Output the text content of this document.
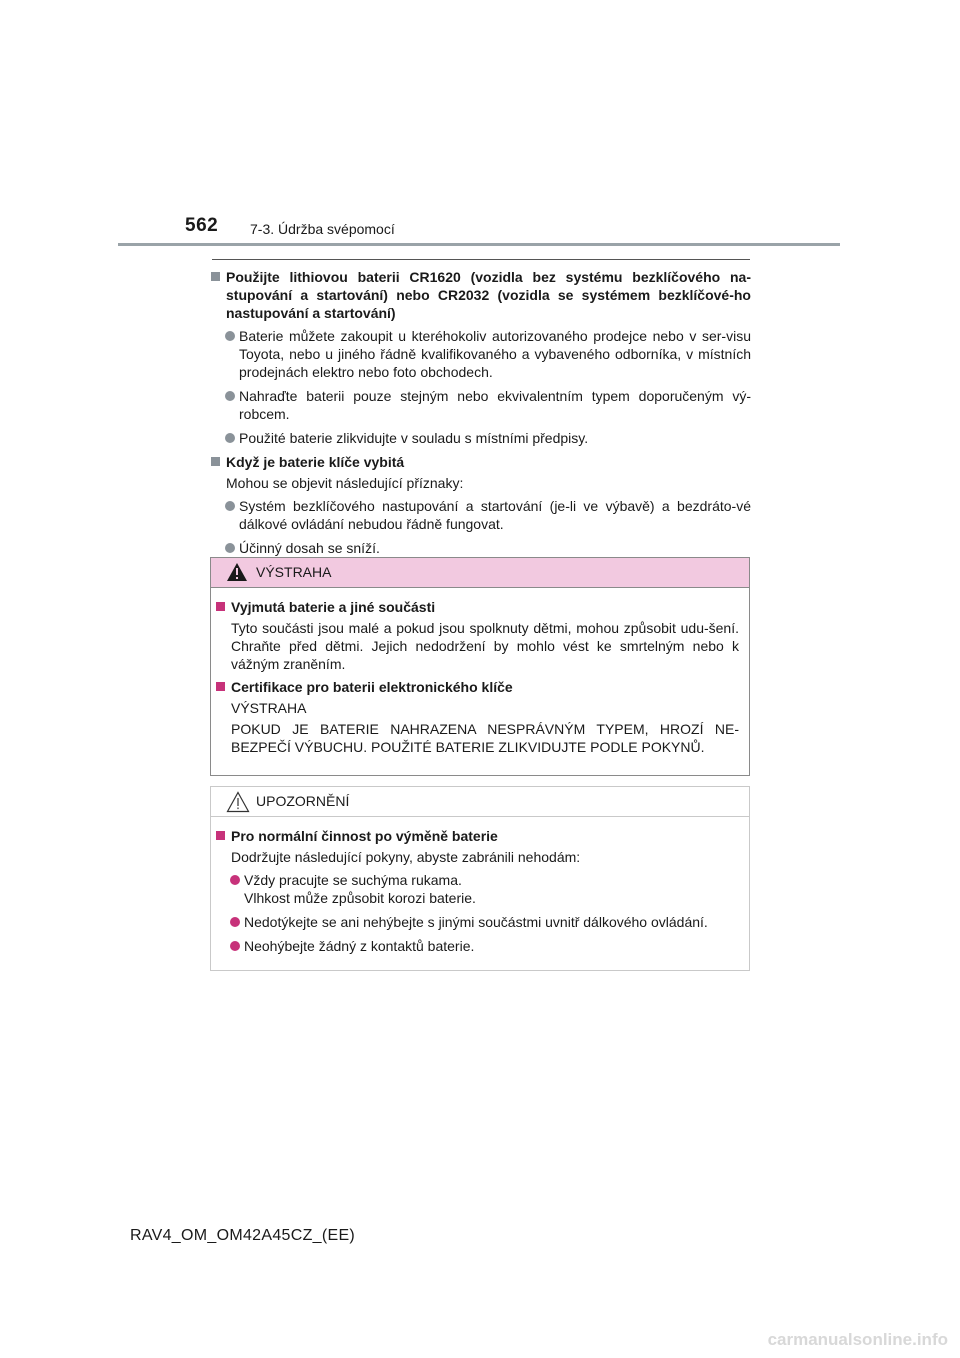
562 7-3. Údržba svépomocí

Použijte lithiovou baterii CR1620 (vozidla bez systému bezklíčového na-stupování a startování) nebo CR2032 (vozidla se systémem bezklíčové-ho nastupování a startování)

Baterie můžete zakoupit u kteréhokoliv autorizovaného prodejce nebo v ser-visu Toyota, nebo u jiného řádně kvalifikovaného a vybaveného odborníka, v místních prodejnách elektro nebo foto obchodech.

Nahraďte baterii pouze stejným nebo ekvivalentním typem doporučeným vý-robcem.

Použité baterie zlikvidujte v souladu s místními předpisy.

Když je baterie klíče vybitá

Mohou se objevit následující příznaky:

Systém bezklíčového nastupování a startování (je-li ve výbavě) a bezdráto-vé dálkové ovládání nebudou řádně fungovat.

Účinný dosah se sníží.

VÝSTRAHA

Vyjmutá baterie a jiné součásti

Tyto součásti jsou malé a pokud jsou spolknuty dětmi, mohou způsobit udu-šení. Chraňte před dětmi. Jejich nedodržení by mohlo vést ke smrtelným nebo k vážným zraněním.

Certifikace pro baterii elektronického klíče

VÝSTRAHA

POKUD JE BATERIE NAHRAZENA NESPRÁVNÝM TYPEM, HROZÍ NE-BEZPEČÍ VÝBUCHU. POUŽITÉ BATERIE ZLIKVIDUJTE PODLE POKYNŮ.

UPOZORNĚNÍ

Pro normální činnost po výměně baterie

Dodržujte následující pokyny, abyste zabránili nehodám:

Vždy pracujte se suchýma rukama.
Vlhkost může způsobit korozi baterie.

Nedotýkejte se ani nehýbejte s jinými součástmi uvnitř dálkového ovládání.

Neohýbejte žádný z kontaktů baterie.

RAV4_OM_OM42A45CZ_(EE)
carmanualsonline.info
